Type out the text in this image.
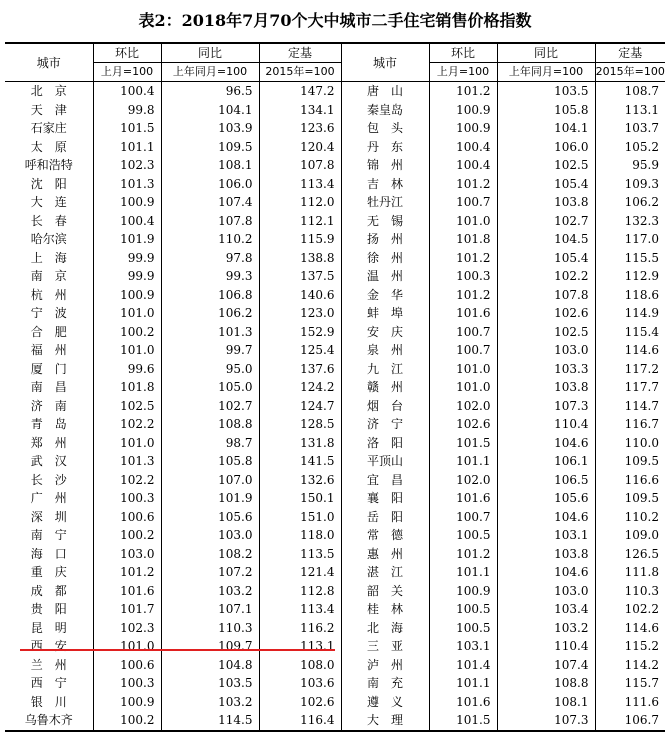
表2：2018年7月70个大中城市二手住宅销售价格指数
城市	环比	同比	定基	城市	环比	同比	定基
	上月=100	上年同月=100	2015年=100		上月=100	上年同月=100	2015年=100
北　京	100.4	96.5	147.2	唐　山	101.2	103.5	108.7
天　津	99.8	104.1	134.1	秦皇岛	100.9	105.8	113.1
石家庄	101.5	103.9	123.6	包　头	100.9	104.1	103.7
太　原	101.1	109.5	120.4	丹　东	100.4	106.0	105.2
呼和浩特	102.3	108.1	107.8	锦　州	100.4	102.5	95.9
沈　阳	101.3	106.0	113.4	吉　林	101.2	105.4	109.3
大　连	100.9	107.4	112.0	牡丹江	100.7	103.8	106.2
长　春	100.4	107.8	112.1	无　锡	101.0	102.7	132.3
哈尔滨	101.9	110.2	115.9	扬　州	101.8	104.5	117.0
上　海	99.9	97.8	138.8	徐　州	101.2	105.4	115.5
南　京	99.9	99.3	137.5	温　州	100.3	102.2	112.9
杭　州	100.9	106.8	140.6	金　华	101.2	107.8	118.6
宁　波	101.0	106.2	123.0	蚌　埠	101.6	102.6	114.9
合　肥	100.2	101.3	152.9	安　庆	100.7	102.5	115.4
福　州	101.0	99.7	125.4	泉　州	100.7	103.0	114.6
厦　门	99.6	95.0	137.6	九　江	101.0	103.3	117.2
南　昌	101.8	105.0	124.2	赣　州	101.0	103.8	117.7
济　南	102.5	102.7	124.7	烟　台	102.0	107.3	114.7
青　岛	102.2	108.8	128.5	济　宁	102.6	110.4	116.7
郑　州	101.0	98.7	131.8	洛　阳	101.5	104.6	110.0
武　汉	101.3	105.8	141.5	平顶山	101.1	106.1	109.5
长　沙	102.2	107.0	132.6	宜　昌	102.0	106.5	116.6
广　州	100.3	101.9	150.1	襄　阳	101.6	105.6	109.5
深　圳	100.6	105.6	151.0	岳　阳	100.7	104.6	110.2
南　宁	100.2	103.0	118.0	常　德	100.5	103.1	109.0
海　口	103.0	108.2	113.5	惠　州	101.2	103.8	126.5
重　庆	101.2	107.2	121.4	湛　江	101.1	104.6	111.8
成　都	101.6	103.2	112.8	韶　关	100.9	103.0	110.3
贵　阳	101.7	107.1	113.4	桂　林	100.5	103.4	102.2
昆　明	102.3	110.3	116.2	北　海	100.5	103.2	114.6
西　安	101.0	109.7	113.1	三　亚	103.1	110.4	115.2
兰　州	100.6	104.8	108.0	泸　州	101.4	107.4	114.2
西　宁	100.3	103.5	103.6	南　充	101.1	108.8	115.7
银　川	100.9	103.2	102.6	遵　义	101.6	108.1	111.6
乌鲁木齐	100.2	114.5	116.4	大　理	101.5	107.3	106.7
